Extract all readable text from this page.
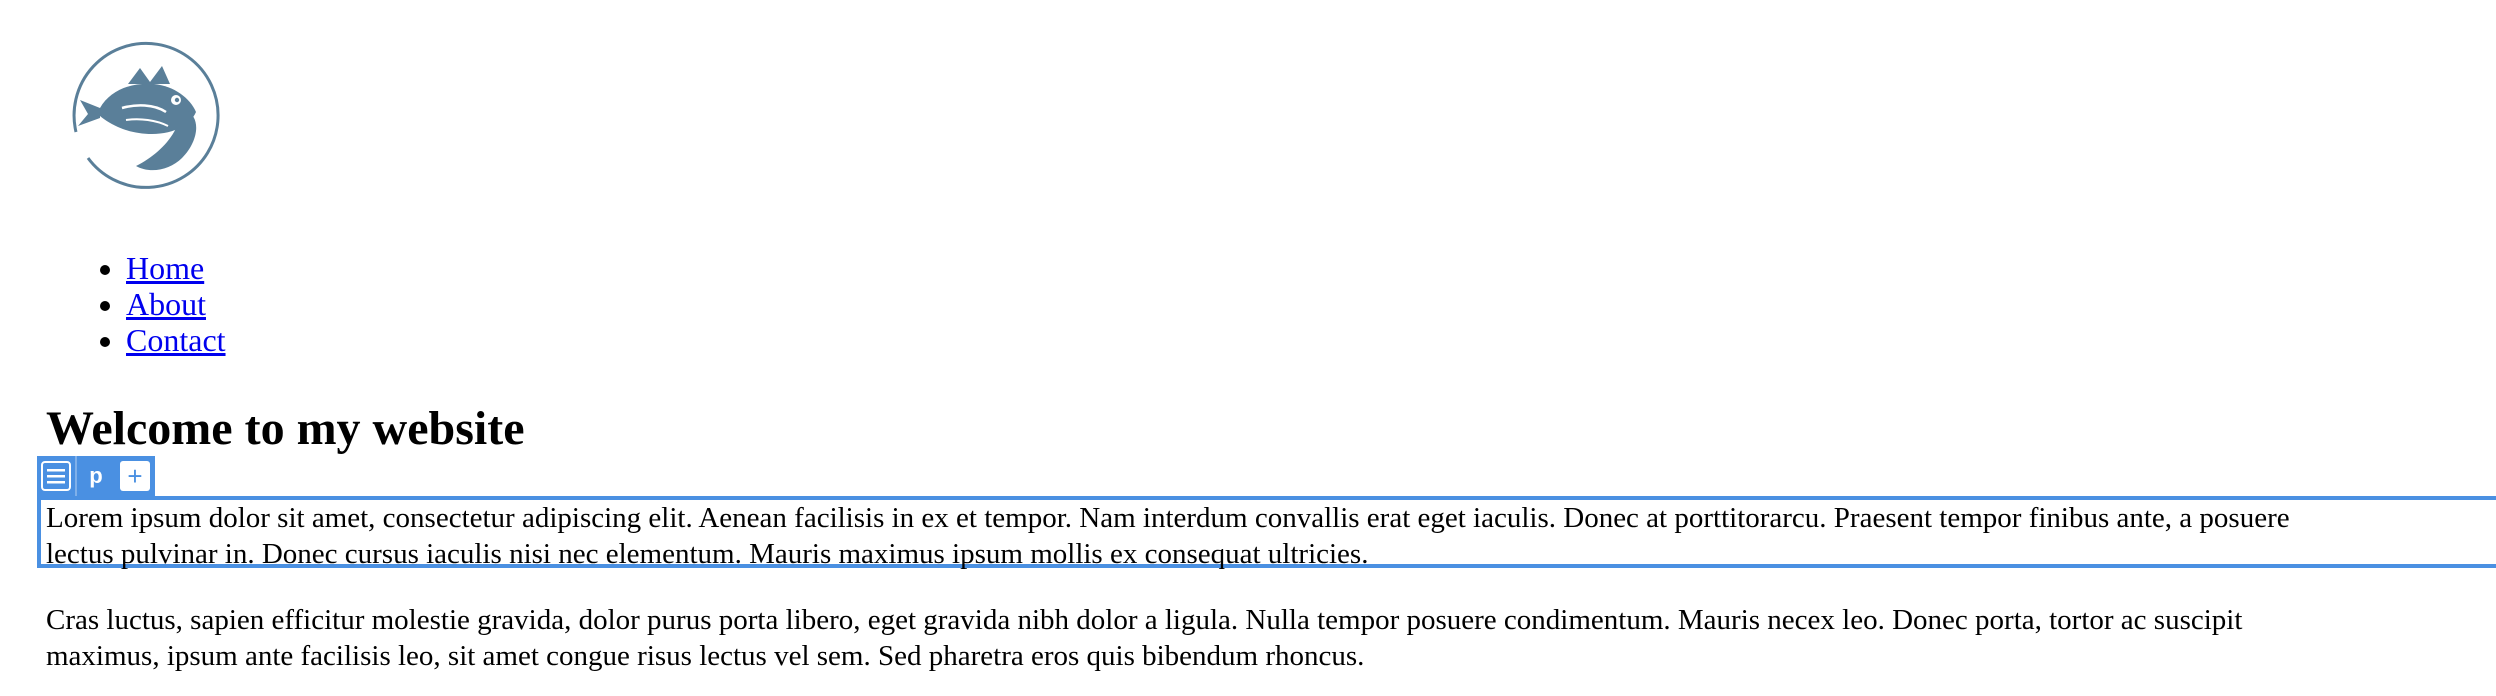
• Home
• About
• Contact
Welcome to my website
p +

Lorem ipsum dolor sit amet, consectetur adipiscing elit. Aenean facilisis in ex et tempor. Nam interdum convallis erat eget iaculis. Donec at porttitorarcu. Praesent tempor finibus ante, a posuere
lectus pulvinar in. Donec cursus iaculis nisi nec elementum. Mauris maximus ipsum mollis ex consequat ultricies.

Cras luctus, sapien efficitur molestie gravida, dolor purus porta libero, eget gravida nibh dolor a ligula. Nulla tempor posuere condimentum. Mauris necex leo. Donec porta, tortor ac suscipit
maximus, ipsum ante facilisis leo, sit amet congue risus lectus vel sem. Sed pharetra eros quis bibendum rhoncus.
